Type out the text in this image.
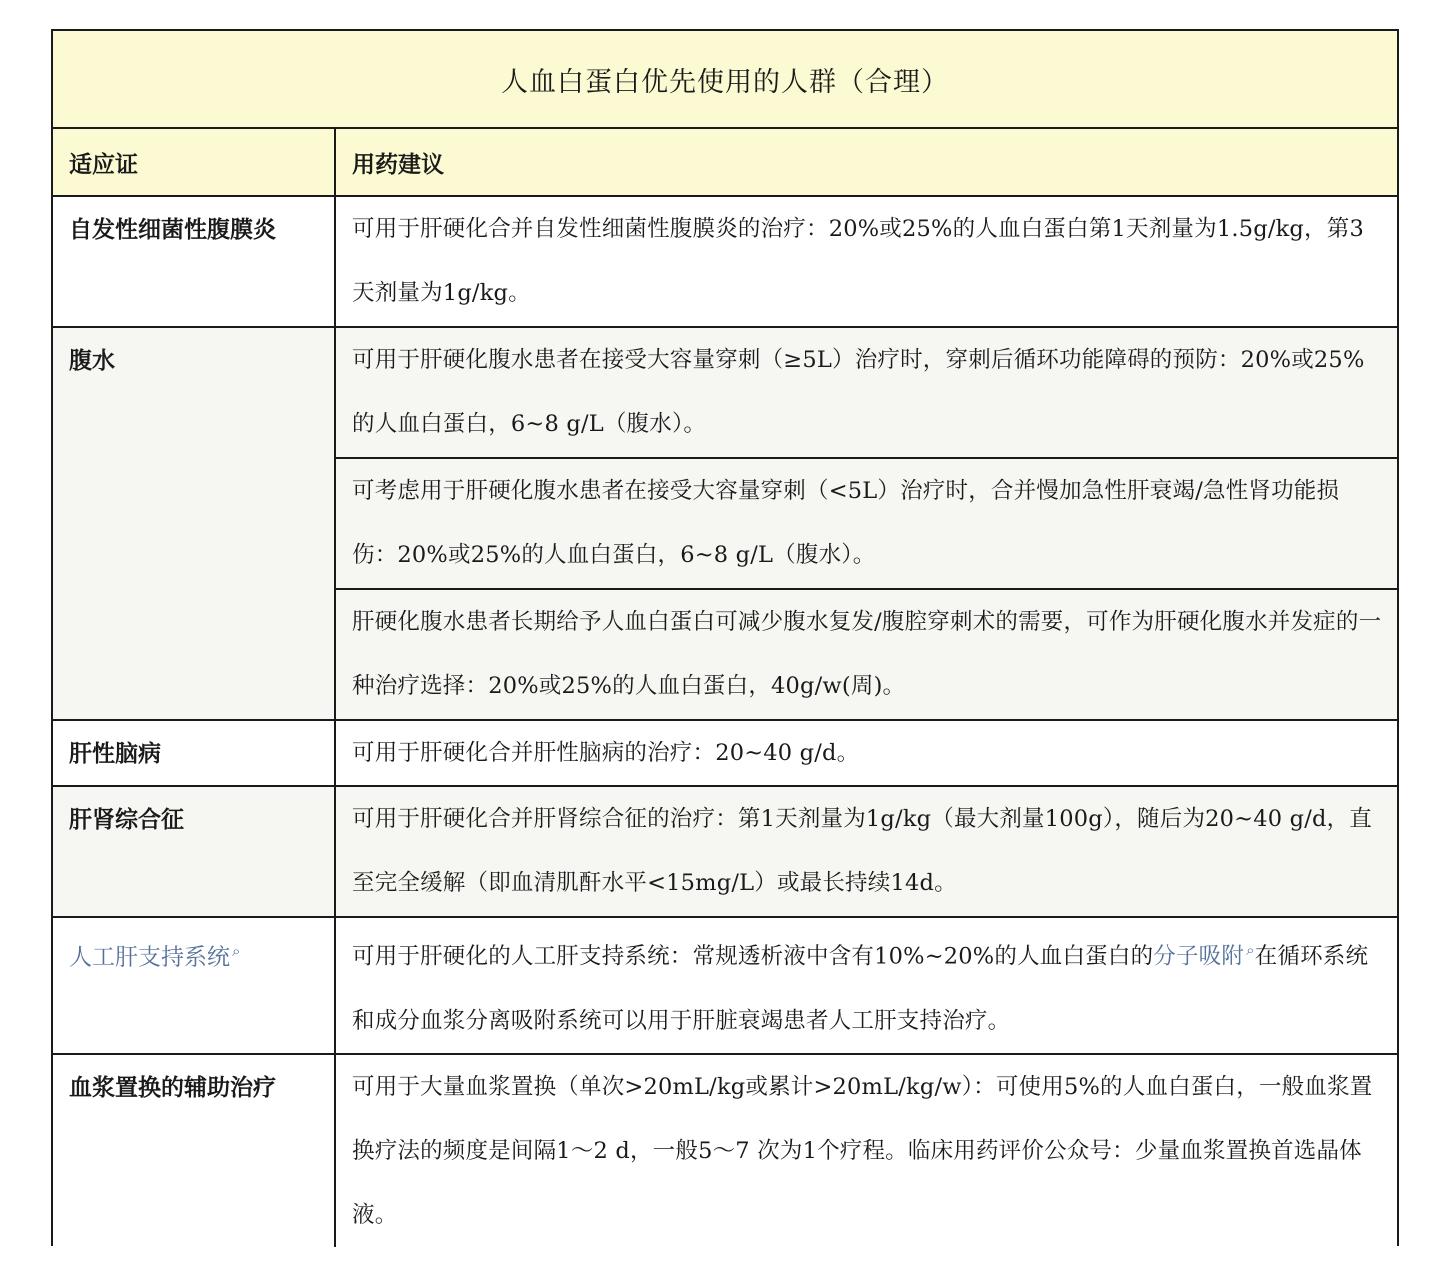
人血白蛋白优先使用的人群（合理）	
适应证	用药建议
自发性细菌性腹膜炎	可用于肝硬化合并自发性细菌性腹膜炎的治疗：20%或25%的人血白蛋白第1天剂量为1.5g/kg，第3天剂量为1g/kg。
腹水	可用于肝硬化腹水患者在接受大容量穿刺（≥5L）治疗时，穿刺后循环功能障碍的预防：20%或25%的人血白蛋白，6~8 g/L（腹水）。
	可考虑用于肝硬化腹水患者在接受大容量穿刺（<5L）治疗时，合并慢加急性肝衰竭/急性肾功能损伤：20%或25%的人血白蛋白，6~8 g/L（腹水）。
	肝硬化腹水患者长期给予人血白蛋白可减少腹水复发/腹腔穿刺术的需要，可作为肝硬化腹水并发症的一种治疗选择：20%或25%的人血白蛋白，40g/w(周)。
肝性脑病	可用于肝硬化合并肝性脑病的治疗：20~40 g/d。
肝肾综合征	可用于肝硬化合并肝肾综合征的治疗：第1天剂量为1g/kg（最大剂量100g），随后为20~40 g/d，直至完全缓解（即血清肌酐水平<15mg/L）或最长持续14d。
人工肝支持系统 ⌕	可用于肝硬化的人工肝支持系统：常规透析液中含有10%~20%的人血白蛋白的分子吸附 ⌕在循环系统和成分血浆分离吸附系统可以用于肝脏衰竭患者人工肝支持治疗。
血浆置换的辅助治疗	可用于大量血浆置换（单次>20mL/kg或累计>20mL/kg/w）：可使用5%的人血白蛋白，一般血浆置换疗法的频度是间隔1～2 d，一般5～7 次为1个疗程。临床用药评价公众号：少量血浆置换首选晶体液。
